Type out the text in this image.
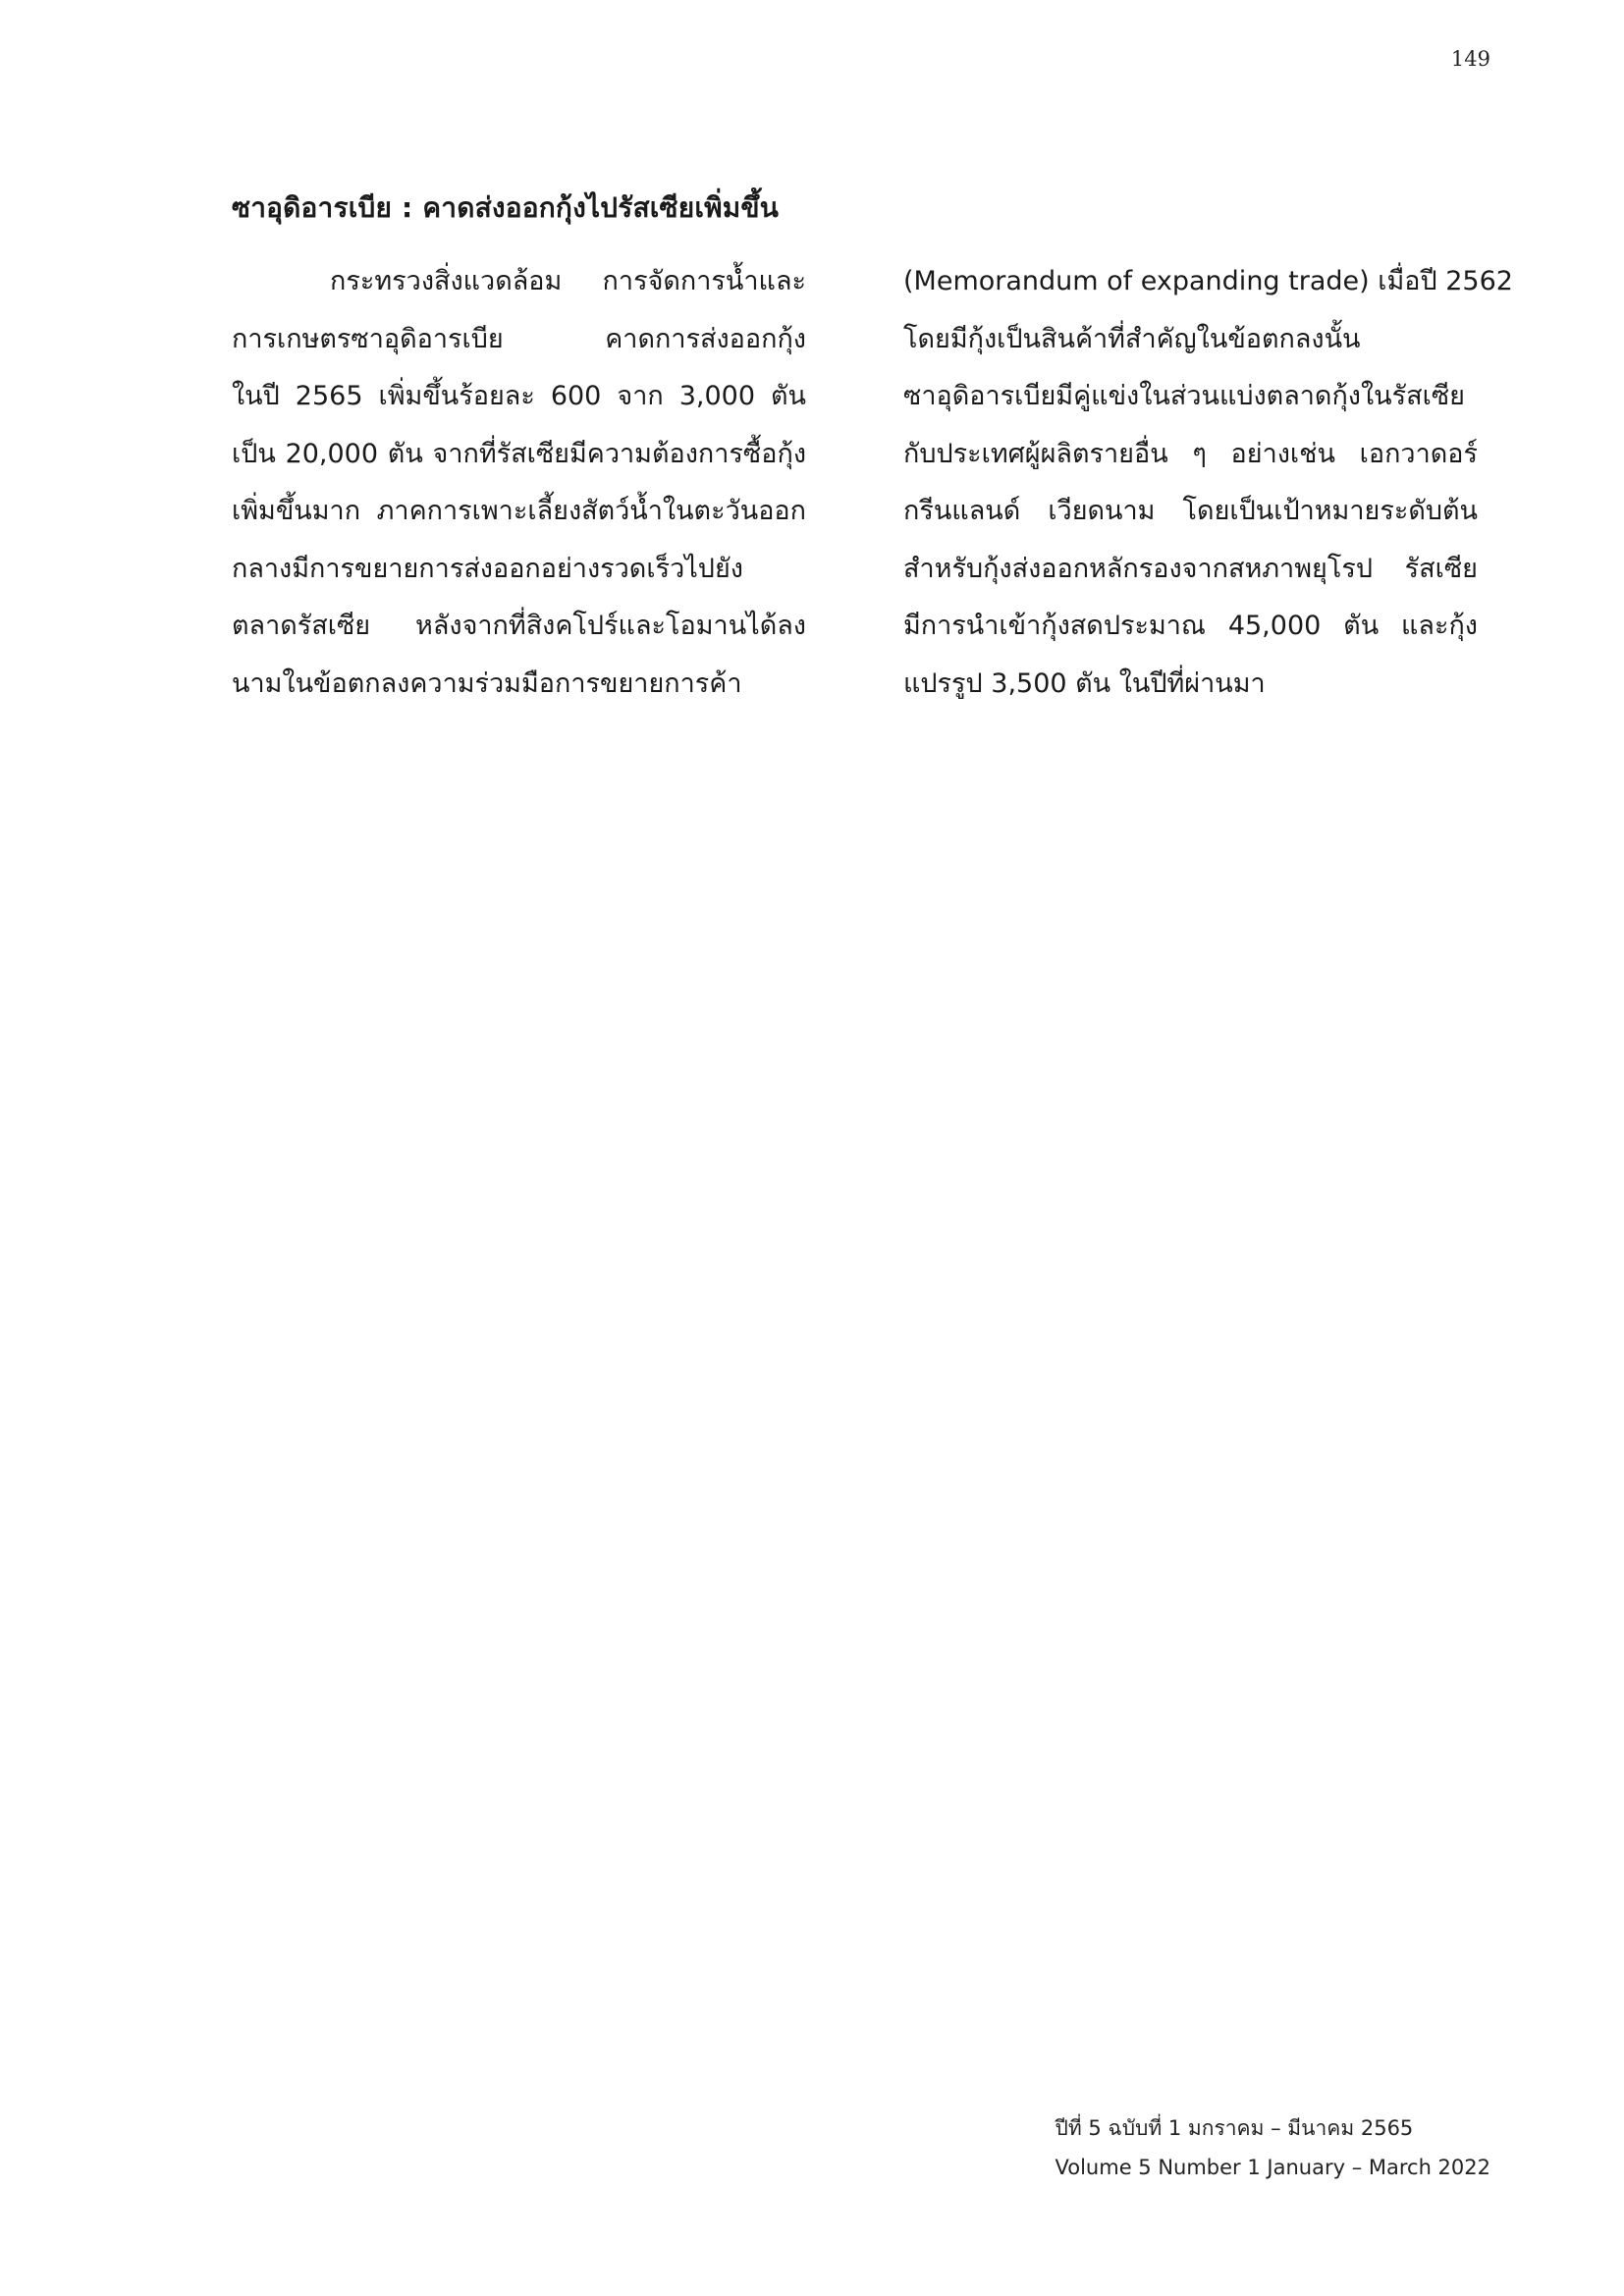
149
ซาอุดิอารเบีย : คาดส่งออกกุ้งไปรัสเซียเพิ่มขึ้น
กระทรวงสิ่งแวดล้อม การจัดการน้ำและ
การเกษตรซาอุดิอารเบีย คาดการส่งออกกุ้ง
ในปี 2565 เพิ่มขึ้นร้อยละ 600 จาก 3,000 ตัน
เป็น 20,000 ตัน จากที่รัสเซียมีความต้องการซื้อกุ้ง
เพิ่มขึ้นมาก ภาคการเพาะเลี้ยงสัตว์น้ำในตะวันออก
กลางมีการขยายการส่งออกอย่างรวดเร็วไปยัง
ตลาดรัสเซีย หลังจากที่สิงคโปร์และโอมานได้ลง
นามในข้อตกลงความร่วมมือการขยายการค้า
(Memorandum of expanding trade) เมื่อปี 2562
โดยมีกุ้งเป็นสินค้าที่สำคัญในข้อตกลงนั้น
ซาอุดิอารเบียมีคู่แข่งในส่วนแบ่งตลาดกุ้งในรัสเซีย
กับประเทศผู้ผลิตรายอื่น ๆ อย่างเช่น เอกวาดอร์
กรีนแลนด์ เวียดนาม โดยเป็นเป้าหมายระดับต้น
สำหรับกุ้งส่งออกหลักรองจากสหภาพยุโรป รัสเซีย
มีการนำเข้ากุ้งสดประมาณ 45,000 ตัน และกุ้ง
แปรรูป 3,500 ตัน ในปีที่ผ่านมา
ปีที่ 5 ฉบับที่ 1 มกราคม – มีนาคม 2565
Volume 5 Number 1 January – March 2022
